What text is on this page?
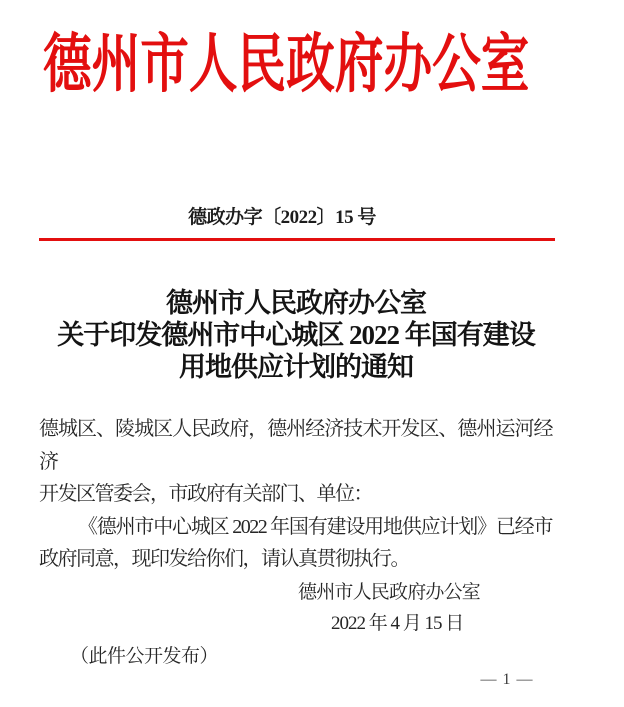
德州市人民政府办公室
德政办字〔2022〕15 号
德州市人民政府办公室
关于印发德州市中心城区 2022 年国有建设
用地供应计划的通知
德城区、陵城区人民政府，德州经济技术开发区、德州运河经济
开发区管委会，市政府有关部门、单位：
《德州市中心城区 2022 年国有建设用地供应计划》已经市
政府同意，现印发给你们，请认真贯彻执行。
德州市人民政府办公室
2022 年 4 月 15 日
（此件公开发布）
— 1 —
